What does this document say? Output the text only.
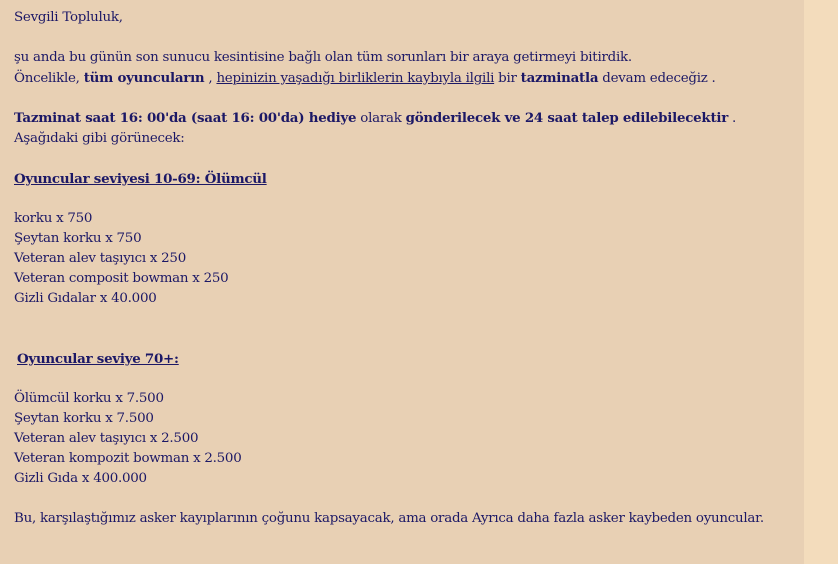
Sevgili Topluluk,
şu anda bu günün son sunucu kesintisine bağlı olan tüm sorunları bir araya getirmeyi bitirdik.
Öncelikle, tüm oyuncuların , hepinizin yaşadığı birliklerin kaybıyla ilgili bir tazminatla devam edeceğiz .
Tazminat saat 16: 00'da (saat 16: 00'da) hediye olarak gönderilecek ve 24 saat talep edilebilecektir . Aşağıdaki gibi görünecek:
Oyuncular seviyesi 10-69: Ölümcül
korku x 750
Şeytan korku x 750
Veteran alev taşıyıcı x 250
Veteran composit bowman x 250
Gizli Gıdalar x 40.000
Oyuncular seviye 70+:
Ölümcül korku x 7.500
Şeytan korku x 7.500
Veteran alev taşıyıcı x 2.500
Veteran kompozit bowman x 2.500
Gizli Gıda x 400.000
Bu, karşılaştığımız asker kayıplarının çoğunu kapsayacak, ama orada Ayrıca daha fazla asker kaybeden oyuncular.
